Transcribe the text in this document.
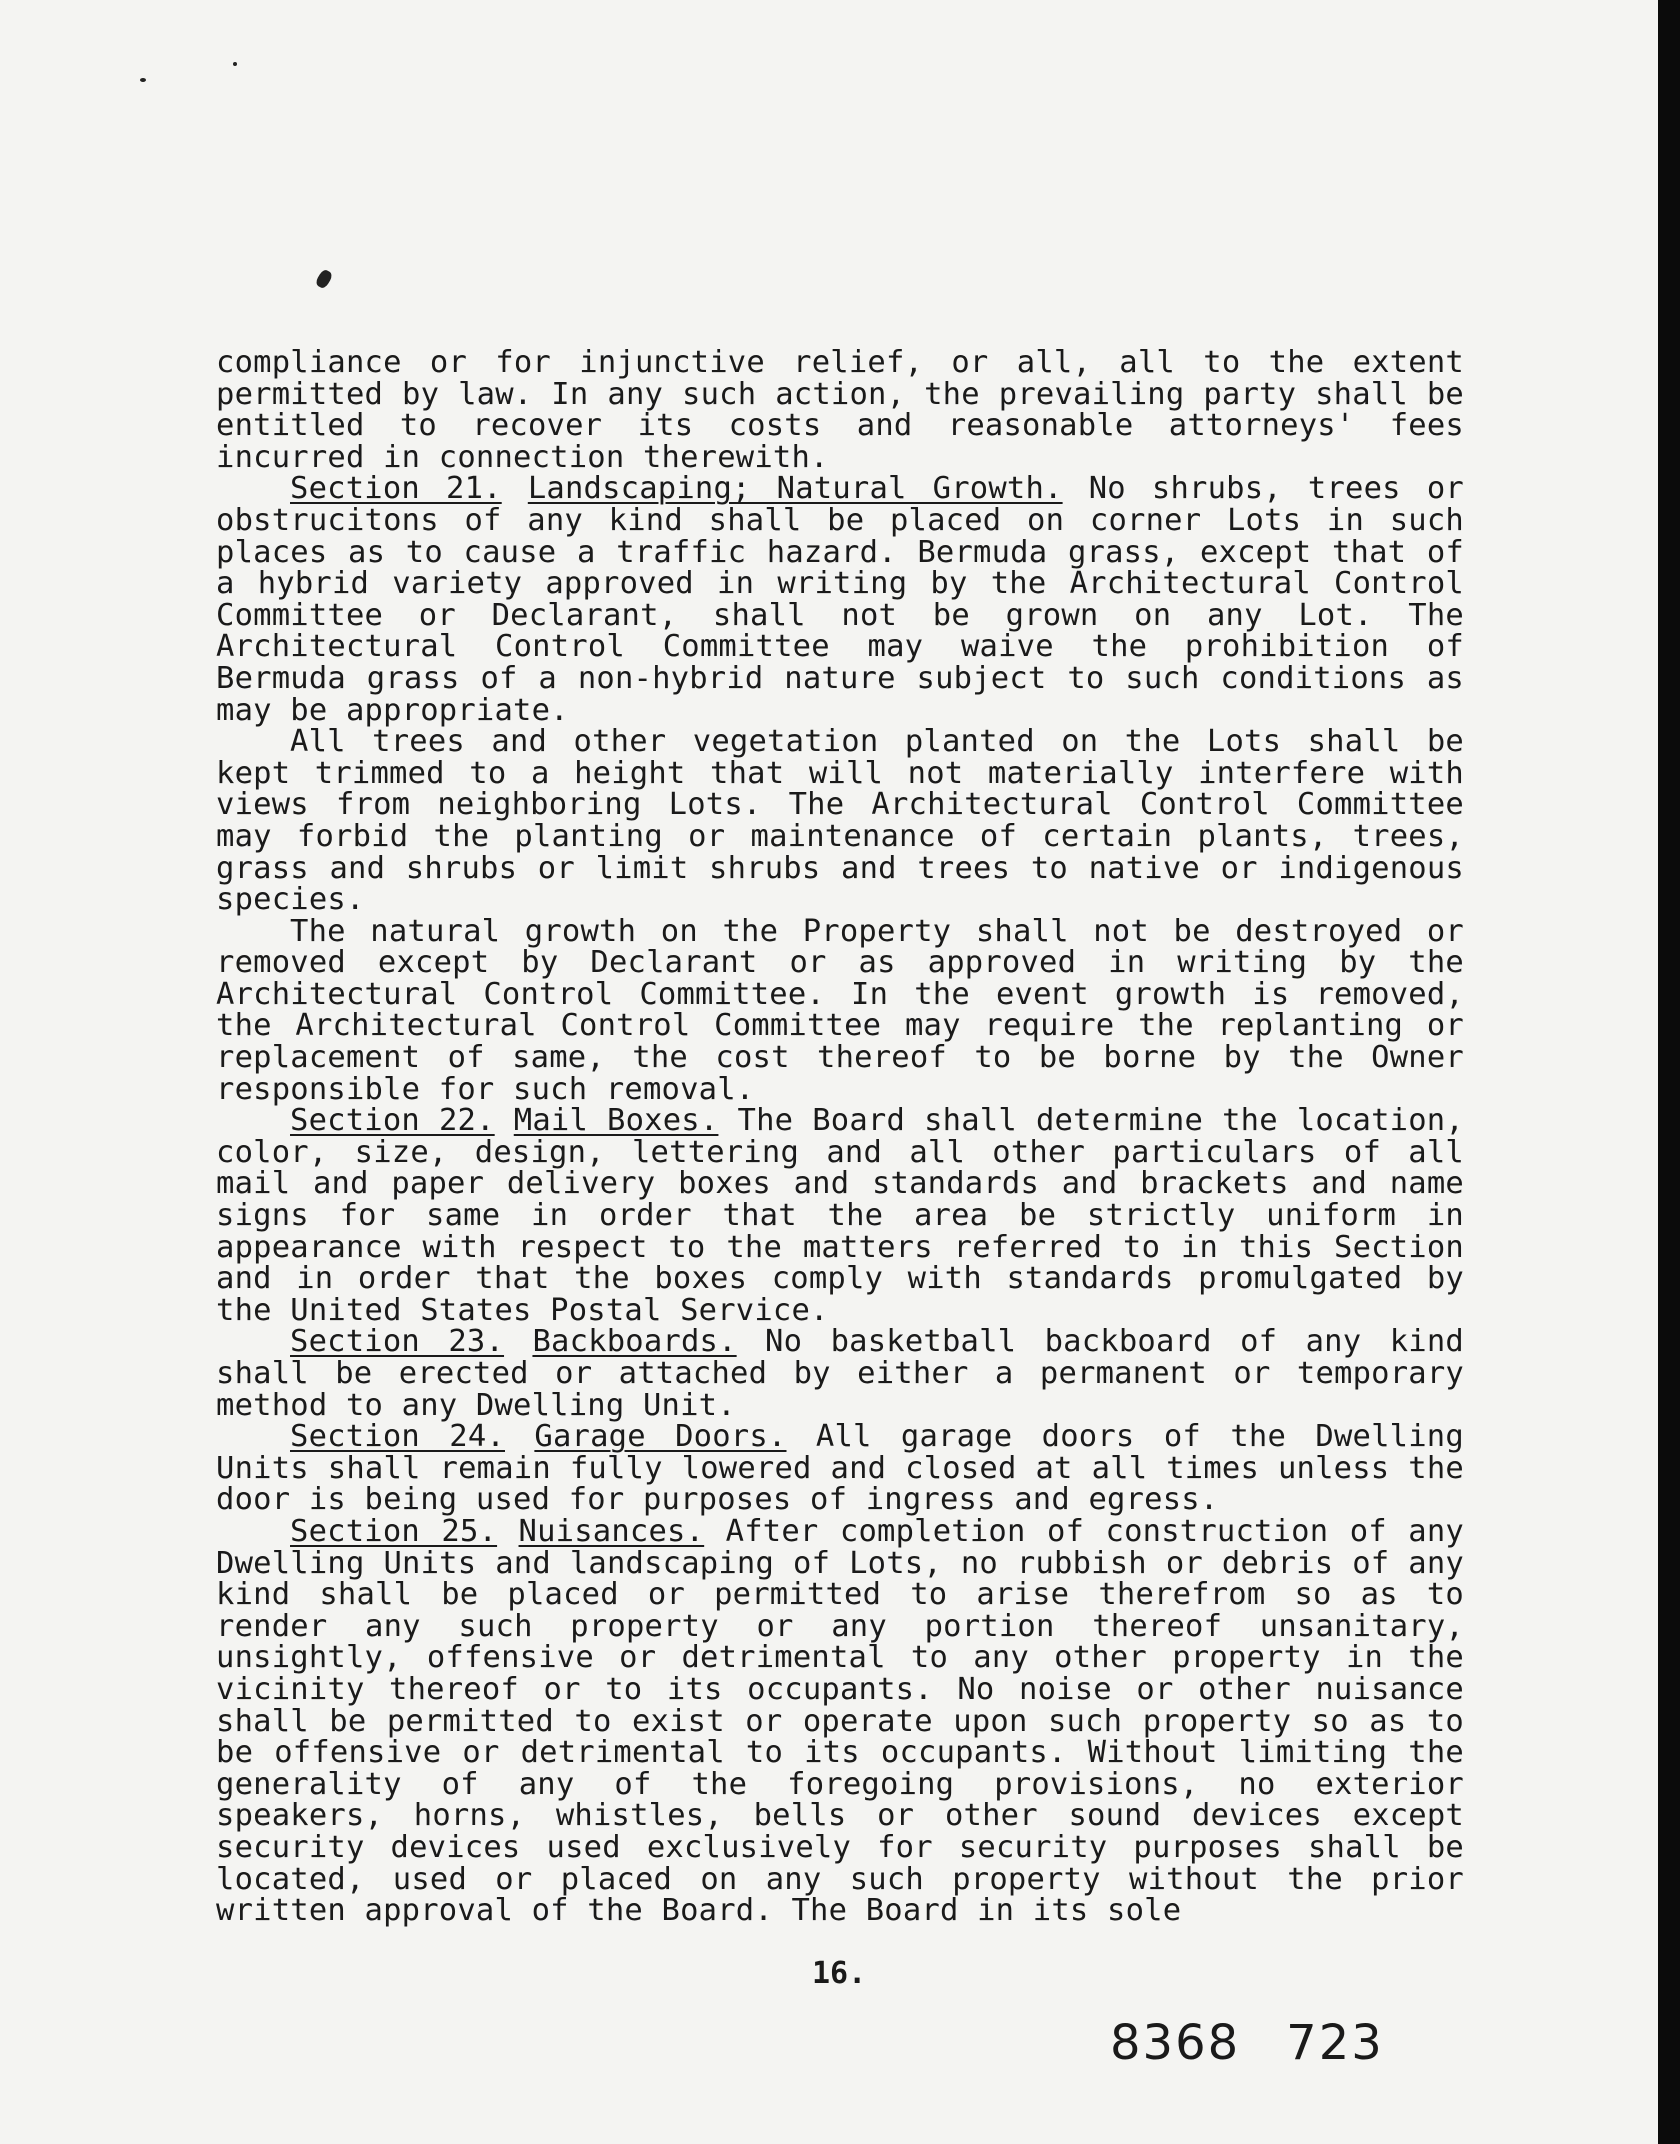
compliance or for injunctive relief, or all, all to the extent permitted by law. In any such action, the prevailing party shall be entitled to recover its costs and reasonable attorneys' fees incurred in connection therewith.

Section 21. Landscaping; Natural Growth. No shrubs, trees or obstrucitons of any kind shall be placed on corner Lots in such places as to cause a traffic hazard. Bermuda grass, except that of a hybrid variety approved in writing by the Architectural Control Committee or Declarant, shall not be grown on any Lot. The Architectural Control Committee may waive the prohibition of Bermuda grass of a non-hybrid nature subject to such conditions as may be appropriate.

All trees and other vegetation planted on the Lots shall be kept trimmed to a height that will not materially interfere with views from neighboring Lots. The Architectural Control Committee may forbid the planting or maintenance of certain plants, trees, grass and shrubs or limit shrubs and trees to native or indigenous species.

The natural growth on the Property shall not be destroyed or removed except by Declarant or as approved in writing by the Architectural Control Committee. In the event growth is removed, the Architectural Control Committee may require the replanting or replacement of same, the cost thereof to be borne by the Owner responsible for such removal.

Section 22. Mail Boxes. The Board shall determine the location, color, size, design, lettering and all other particulars of all mail and paper delivery boxes and standards and brackets and name signs for same in order that the area be strictly uniform in appearance with respect to the matters referred to in this Section and in order that the boxes comply with standards promulgated by the United States Postal Service.

Section 23. Backboards. No basketball backboard of any kind shall be erected or attached by either a permanent or temporary method to any Dwelling Unit.

Section 24. Garage Doors. All garage doors of the Dwelling Units shall remain fully lowered and closed at all times unless the door is being used for purposes of ingress and egress.

Section 25. Nuisances. After completion of construction of any Dwelling Units and landscaping of Lots, no rubbish or debris of any kind shall be placed or permitted to arise therefrom so as to render any such property or any portion thereof unsanitary, unsightly, offensive or detrimental to any other property in the vicinity thereof or to its occupants. No noise or other nuisance shall be permitted to exist or operate upon such property so as to be offensive or detrimental to its occupants. Without limiting the generality of any of the foregoing provisions, no exterior speakers, horns, whistles, bells or other sound devices except security devices used exclusively for security purposes shall be located, used or placed on any such property without the prior written approval of the Board. The Board in its sole

16.
8368 723
